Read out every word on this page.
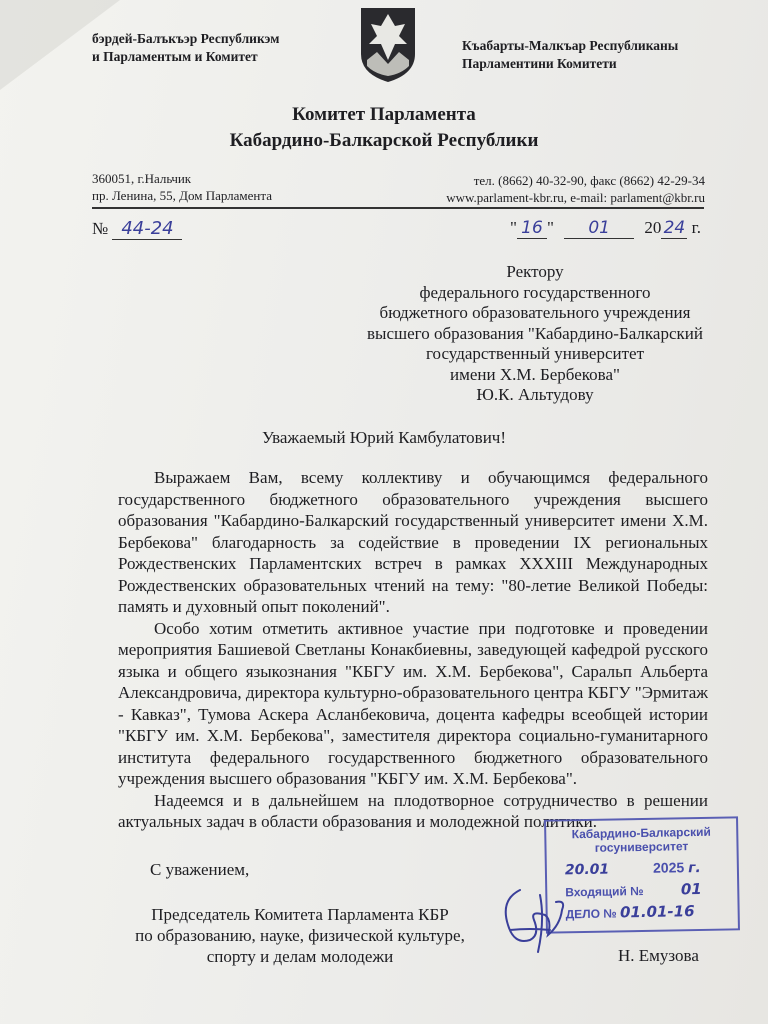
бэрдей-Балъкъэр Республикэм
и Парламентым и Комитет
Къабарты-Малкъар Республиканы
Парламентини Комитети
Комитет Парламента
Кабардино-Балкарской Республики
360051, г.Нальчик
пр. Ленина, 55, Дом Парламента
тел. (8662) 40-32-90, факс (8662) 42-29-34
www.parlament-kbr.ru, e-mail: parlament@kbr.ru
№ 44-24	" 16 " 01 20 24 г.
Ректору
федерального государственного
бюджетного образовательного учреждения
высшего образования "Кабардино-Балкарский
государственный университет
имени Х.М. Бербекова"
Ю.К. Альтудову
Уважаемый Юрий Камбулатович!

Выражаем Вам, всему коллективу и обучающимся федерального государственного бюджетного образовательного учреждения высшего образования "Кабардино-Балкарский государственный университет имени Х.М. Бербекова" благодарность за содействие в проведении IX региональных Рождественских Парламентских встреч в рамках XXXIII Международных Рождественских образовательных чтений на тему: "80-летие Великой Победы: память и духовный опыт поколений".

Особо хотим отметить активное участие при подготовке и проведении мероприятия Башиевой Светланы Конакбиевны, заведующей кафедрой русского языка и общего языкознания "КБГУ им. Х.М. Бербекова", Саральп Альберта Александровича, директора культурно-образовательного центра КБГУ "Эрмитаж - Кавказ", Тумова Аскера Асланбековича, доцента кафедры всеобщей истории "КБГУ им. Х.М. Бербекова", заместителя директора социально-гуманитарного института федерального государственного бюджетного образовательного учреждения высшего образования "КБГУ им. Х.М. Бербекова".

Надеемся и в дальнейшем на плодотворное сотрудничество в решении актуальных задач в области образования и молодежной политики.

Кабардино-Балкарский
госуниверситет
20.01	2025 г.
Входящий № 01
ДЕЛО № 01.01-16
С уважением,
Председатель Комитета Парламента КБР
по образованию, науке, физической культуре,
спорту и делам молодежи	Н. Емузова
